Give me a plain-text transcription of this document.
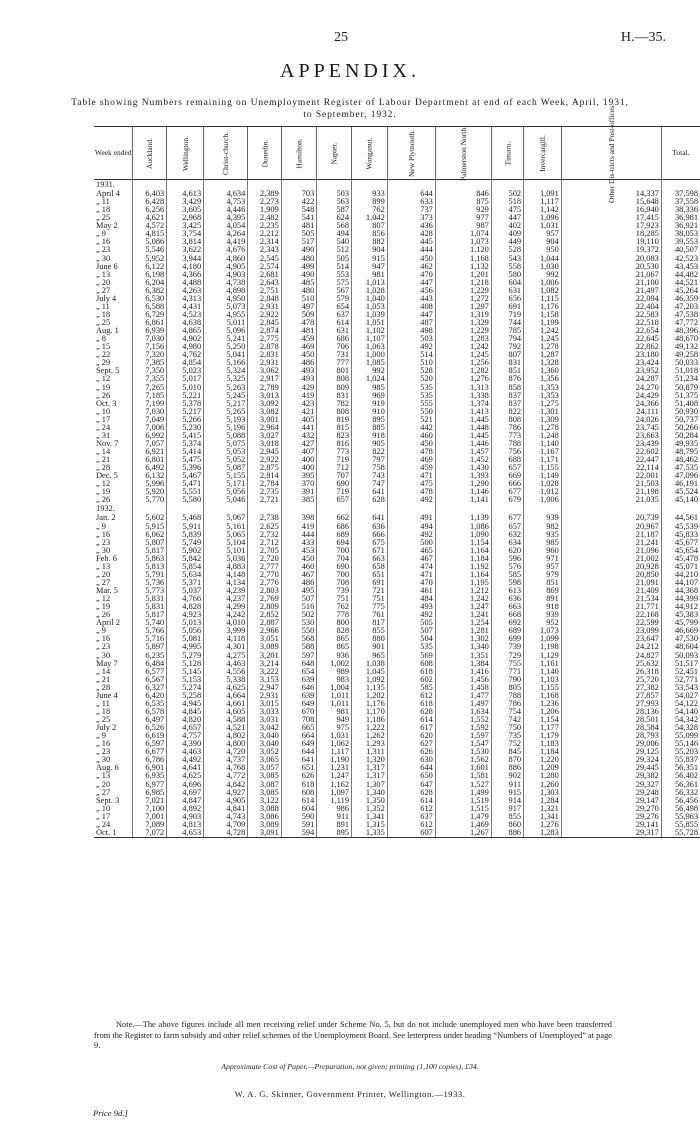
25	H.—35.
APPENDIX.
Table showing Numbers remaining on Unemployment Register of Labour Department at end of each Week, April, 1931, to September, 1932.
Week ended	Auckland.	Wellington.	Christ-church.	Dunedin.	Hamilton.	Napier.	Wanganui.	New Plymouth.	Palmerston North.	Timaru.	Invercargill.	Other Dis-tricts and Post-offices.	Total.
1931.													
April 4	6,403	4,613	4,634	2,389	703	503	933	644	846	502	1,091	14,337	37,598
„ 11	6,428	3,429	4,753	2,273	422	563	899	633	875	518	1,117	15,648	37,558
„ 18	6,256	3,605	4,446	1,909	548	587	762	737	929	475	1,142	16,940	38,336
„ 25	4,621	2,968	4,395	2,482	541	624	1,042	373	977	447	1,096	17,415	36,981
May 2	4,572	3,425	4,054	2,235	481	568	807	436	987	402	1,031	17,923	36,921
„ 9	4,815	3,754	4,264	2,212	505	494	856	428	1,074	409	957	18,285	38,053
„ 16	5,086	3,814	4,419	2,314	517	540	882	445	1,073	449	904	19,110	39,553
„ 23	5,546	3,622	4,676	2,343	490	512	904	444	1,120	528	950	19,372	40,507
„ 30	5,952	3,944	4,860	2,545	480	505	915	450	1,168	543	1,044	20,083	42,523
June 6	6,122	4,180	4,905	2,574	499	514	947	462	1,132	558	1,030	20,530	43,453
„ 13	6,198	4,366	4,903	2,681	490	553	981	470	1,201	580	992	21,067	44,482
„ 20	6,204	4,488	4,738	2,643	485	575	1,013	447	1,218	604	1,006	21,100	44,521
„ 27	6,382	4,263	4,898	2,751	480	567	1,028	456	1,229	631	1,082	21,497	45,264
July 4	6,530	4,313	4,950	2,848	510	579	1,040	443	1,272	656	1,115	22,094	46,359
„ 11	6,588	4,431	5,073	2,931	497	654	1,053	408	1,297	691	1,176	22,404	47,203
„ 18	6,729	4,523	4,955	2,922	509	637	1,039	447	1,319	719	1,158	22,583	47,538
„ 25	6,861	4,638	5,011	2,845	478	614	1,051	487	1,329	744	1,199	22,518	47,772
Aug. 1	6,939	4,865	5,096	2,874	481	631	1,102	498	1,229	785	1,242	22,654	48,396
„ 8	7,030	4,902	5,241	2,775	459	686	1,107	503	1,283	794	1,245	22,645	48,670
„ 15	7,156	4,980	5,250	2,878	469	706	1,063	492	1,242	792	1,278	22,862	49,132
„ 22	7,320	4,762	5,041	2,831	450	731	1,000	514	1,245	807	1,287	23,180	49,258
„ 29	7,385	4,854	5,166	2,931	486	777	1,085	510	1,256	831	1,328	23,424	50,033
Sept. 5	7,350	5,023	5,324	3,062	493	801	992	528	1,282	851	1,360	23,952	51,018
„ 12	7,355	5,017	5,325	2,917	493	808	1,024	520	1,276	876	1,356	24,287	51,234
„ 19	7,265	5,010	5,263	2,789	429	809	985	535	1,313	858	1,353	24,270	50,879
„ 26	7,185	5,221	5,245	3,013	419	831	969	535	1,338	837	1,353	24,429	51,375
Oct. 3	7,199	5,378	5,217	3,092	423	782	919	555	1,374	837	1,275	24,366	51,408
„ 10	7,030	5,217	5,265	3,082	421	808	910	550	1,413	822	1,301	24,111	50,930
„ 17	7,049	5,266	5,193	3,001	405	819	895	521	1,445	808	1,309	24,026	50,737
„ 24	7,006	5,230	5,196	2,964	441	815	885	442	1,448	786	1,278	23,745	50,266
„ 31	6,992	5,415	5,088	3,027	432	823	918	460	1,445	773	1,248	23,663	50,284
Nov. 7	7,057	5,374	5,075	3,018	427	816	905	450	1,446	788	1,140	23,439	49,935
„ 14	6,921	5,414	5,053	2,945	407	773	822	478	1,457	756	1,167	22,602	48,795
„ 21	6,801	5,475	5,052	2,922	400	719	797	469	1,452	688	1,171	22,447	48,462
„ 28	6,492	5,396	5,087	2,875	400	712	758	459	1,430	657	1,155	22,114	47,535
Dec. 5	6,132	5,467	5,155	2,814	395	707	743	471	1,393	669	1,149	22,001	47,096
„ 12	5,996	5,471	5,171	2,784	370	690	747	475	1,290	666	1,028	21,503	46,191
„ 19	5,920	5,551	5,056	2,735	391	719	641	478	1,146	677	1,012	21,198	45,524
„ 26	5,770	5,580	5,046	2,721	385	657	628	492	1,141	679	1,006	21,035	45,140
1932.													
Jan. 2	5,602	5,468	5,067	2,738	398	662	641	491	1,139	677	939	20,739	44,561
„ 9	5,915	5,911	5,161	2,625	419	686	636	494	1,086	657	982	20,967	45,539
„ 16	6,062	5,839	5,065	2,732	444	689	666	492	1,090	632	935	21,187	45,833
„ 23	5,807	5,749	5,104	2,712	433	694	675	500	1,154	634	985	21,241	45,677
„ 30	5,817	5,902	5,101	2,705	453	700	671	465	1,164	620	960	21,096	45,654
Feb. 6	5,863	5,842	5,036	2,720	450	704	663	467	1,184	596	971	21,002	45,478
„ 13	5,813	5,854	4,883	2,777	460	690	658	474	1,192	576	957	20,928	45,071
„ 20	5,791	5,634	4,148	2,770	467	700	651	471	1,164	585	979	20,850	44,210
„ 27	5,736	5,371	4,134	2,776	486	708	691	470	1,195	598	851	21,091	44,107
Mar. 5	5,773	5,037	4,239	2,803	495	739	721	461	1,212	613	869	21,409	44,368
„ 12	5,831	4,766	4,237	2,769	507	751	751	484	1,242	636	891	21,534	44,399
„ 19	5,831	4,828	4,299	2,809	516	762	775	493	1,247	663	918	21,771	44,912
„ 26	5,817	4,923	4,242	2,852	502	778	761	492	1,241	668	939	22,168	45,383
April 2	5,740	5,013	4,010	2,887	530	800	817	505	1,254	692	952	22,599	45,799
„ 9	5,766	5,056	3,999	2,966	550	828	855	507	1,281	689	1,073	23,099	46,669
„ 16	5,716	5,081	4,118	3,051	568	865	880	504	1,302	699	1,099	23,647	47,530
„ 23	5,897	4,995	4,301	3,089	588	865	901	535	1,340	739	1,198	24,212	48,604
„ 30	6,235	5,279	4,275	3,201	597	936	965	569	1,351	729	1,129	24,827	50,093
May 7	6,484	5,128	4,463	3,214	648	1,002	1,038	608	1,384	755	1,161	25,632	51,517
„ 14	6,577	5,145	4,556	3,222	654	989	1,045	618	1,416	771	1,140	26,318	52,451
„ 21	6,567	5,153	5,338	3,153	639	983	1,092	602	1,456	790	1,103	25,720	52,771
„ 28	6,327	5,274	4,625	2,947	646	1,004	1,135	585	1,458	805	1,155	27,382	53,543
June 4	6,420	5,258	4,664	2,931	639	1,011	1,202	612	1,477	788	1,168	27,857	54,027
„ 11	6,535	4,945	4,661	3,015	649	1,011	1,176	618	1,497	786	1,236	27,993	54,122
„ 18	6,578	4,845	4,605	3,033	670	981	1,170	628	1,634	754	1,206	28,136	54,140
„ 25	6,497	4,820	4,588	3,031	708	949	1,186	614	1,552	742	1,154	28,501	54,342
July 2	6,526	4,657	4,521	3,042	665	975	1,222	617	1,592	750	1,177	28,584	54,328
„ 9	6,619	4,757	4,802	3,040	664	1,031	1,262	620	1,597	735	1,179	28,793	55,099
„ 16	6,597	4,390	4,800	3,040	649	1,062	1,293	627	1,547	752	1,183	29,006	55,146
„ 23	6,677	4,463	4,720	3,052	644	1,117	1,311	626	1,530	845	1,184	29,125	55,203
„ 30	6,786	4,492	4,737	3,065	641	1,190	1,320	630	1,562	870	1,220	29,324	55,837
Aug. 6	6,901	4,641	4,768	3,057	651	1,231	1,317	644	1,601	886	1,209	29,445	56,351
„ 13	6,935	4,625	4,772	3,085	626	1,247	1,317	650	1,581	902	1,280	29,382	56,402
„ 20	6,977	4,696	4,842	3,087	618	1,162	1,307	647	1,527	911	1,260	29,327	56,361
„ 27	6,985	4,697	4,927	3,085	608	1,097	1,340	628	1,499	915	1,303	29,248	56,332
Sept. 3	7,021	4,847	4,905	3,122	614	1,119	1,350	614	1,519	914	1,284	29,147	56,456
„ 10	7,100	4,892	4,841	3,088	604	986	1,352	612	1,515	917	1,321	29,270	56,498
„ 17	7,001	4,903	4,743	3,086	590	911	1,341	637	1,479	855	1,341	29,276	55,963
„ 24	7,089	4,813	4,709	3,089	591	891	1,315	612	1,469	860	1,276	29,141	55,855
Oct. 1	7,072	4,653	4,728	3,091	594	895	1,335	607	1,267	886	1,283	29,317	55,728
Note.—The above figures include all men receiving relief under Scheme No. 5, but do not include unemployed men who have been transferred from the Register to farm subsidy and other relief schemes of the Unemployment Board. See letterpress under heading “Numbers of Unemployed” at page 9.
Approximate Cost of Paper.—Preparation, not given; printing (1,100 copies), £34.
W. A. G. Skinner, Government Printer, Wellington.—1933.
Price 9d.]
